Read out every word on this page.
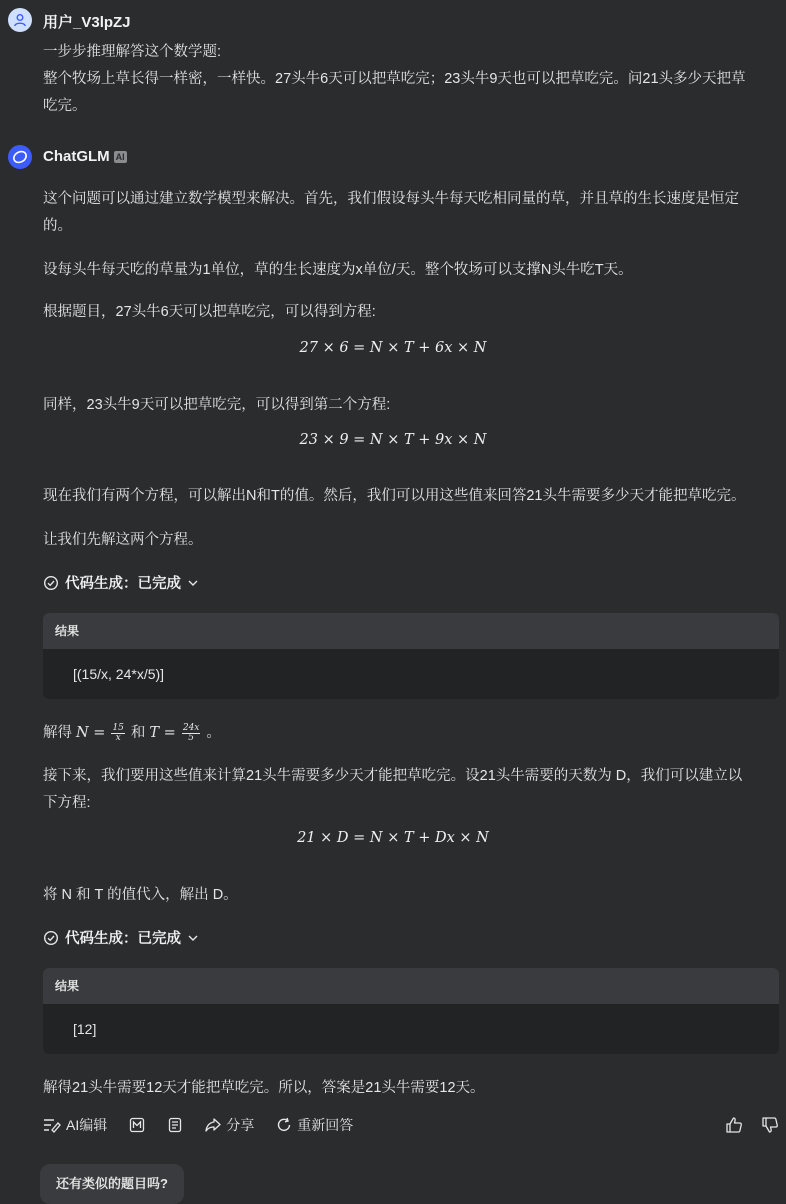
用户_V3lpZJ
一步步推理解答这个数学题:
整个牧场上草长得一样密，一样快。27头牛6天可以把草吃完；23头牛9天也可以把草吃完。问21头多少天把草
吃完。
ChatGLM AI
这个问题可以通过建立数学模型来解决。首先，我们假设每头牛每天吃相同量的草，并且草的生长速度是恒定
的。
设每头牛每天吃的草量为1单位，草的生长速度为x单位/天。整个牧场可以支撑N头牛吃T天。
根据题目，27头牛6天可以把草吃完，可以得到方程:
27 × 6 = N × T + 6x × N
同样，23头牛9天可以把草吃完，可以得到第二个方程:
23 × 9 = N × T + 9x × N
现在我们有两个方程，可以解出N和T的值。然后，我们可以用这些值来回答21头牛需要多少天才能把草吃完。
让我们先解这两个方程。
代码生成：已完成
结果
[(15/x, 24*x/5)]
解得 $N = \frac{15}{x}$ 和 $T = \frac{24x}{5}$ 。
接下来，我们要用这些值来计算21头牛需要多少天才能把草吃完。设21头牛需要的天数为 D，我们可以建立以
下方程:
21 × D = N × T + Dx × N
将 N 和 T 的值代入，解出 D。
代码生成：已完成
结果
[12]
解得21头牛需要12天才能把草吃完。所以，答案是21头牛需要12天。
AI编辑	分享	重新回答
还有类似的题目吗?
